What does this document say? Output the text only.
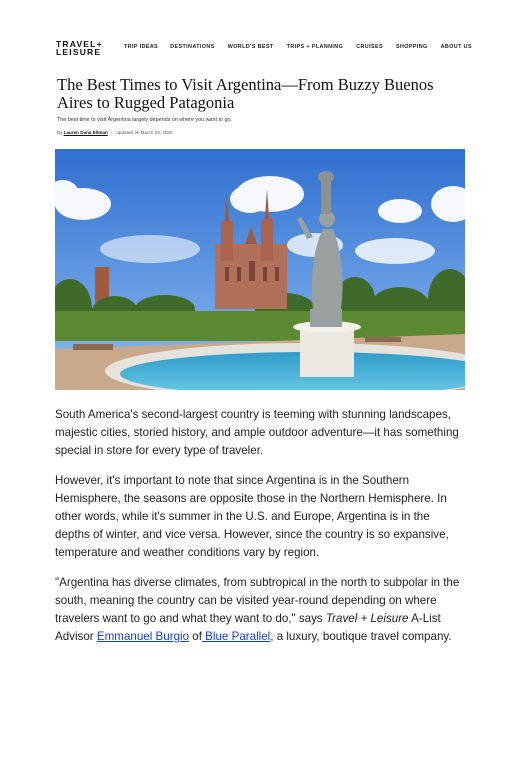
TRAVEL+
LEISURE	TRIP IDEAS DESTINATIONS WORLD'S BEST TRIPS + PLANNING CRUISES SHOPPING ABOUT US
The Best Times to Visit Argentina—From Buzzy Buenos Aires to Rugged Patagonia
The best time to visit Argentina largely depends on where you want to go.
By Lauren Dana Ellman | Updated on March 24, 2025

South America's second-largest country is teeming with stunning landscapes, majestic cities, storied history, and ample outdoor adventure—it has something special in store for every type of traveler.

However, it's important to note that since Argentina is in the Southern Hemisphere, the seasons are opposite those in the Northern Hemisphere. In other words, while it's summer in the U.S. and Europe, Argentina is in the depths of winter, and vice versa. However, since the country is so expansive, temperature and weather conditions vary by region.

"Argentina has diverse climates, from subtropical in the north to subpolar in the south, meaning the country can be visited year-round depending on where travelers want to go and what they want to do," says Travel + Leisure A-List Advisor Emmanuel Burgio of Blue Parallel, a luxury, boutique travel company.
